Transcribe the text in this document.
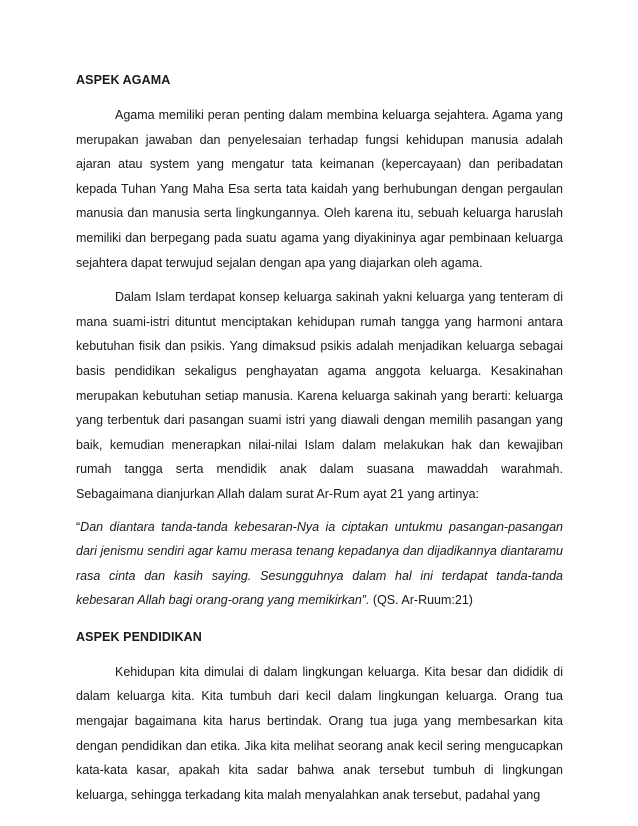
ASPEK AGAMA

Agama memiliki peran penting dalam membina keluarga sejahtera. Agama yang merupakan jawaban dan penyelesaian terhadap fungsi kehidupan manusia adalah ajaran atau system yang mengatur tata keimanan (kepercayaan) dan peribadatan kepada Tuhan Yang Maha Esa serta tata kaidah yang berhubungan dengan pergaulan manusia dan manusia serta lingkungannya. Oleh karena itu, sebuah keluarga haruslah memiliki dan berpegang pada suatu agama yang diyakininya agar pembinaan keluarga sejahtera dapat terwujud sejalan dengan apa yang diajarkan oleh agama.

Dalam Islam terdapat konsep keluarga sakinah yakni keluarga yang tenteram di mana suami-istri dituntut menciptakan kehidupan rumah tangga yang harmoni antara kebutuhan fisik dan psikis. Yang dimaksud psikis adalah menjadikan keluarga sebagai basis pendidikan sekaligus penghayatan agama anggota keluarga. Kesakinahan merupakan kebutuhan setiap manusia. Karena keluarga sakinah yang berarti: keluarga yang terbentuk dari pasangan suami istri yang diawali dengan memilih pasangan yang baik, kemudian menerapkan nilai-nilai Islam dalam melakukan hak dan kewajiban rumah tangga serta mendidik anak dalam suasana mawaddah warahmah. Sebagaimana dianjurkan Allah dalam surat Ar-Rum ayat 21 yang artinya:

“Dan diantara tanda-tanda kebesaran-Nya ia ciptakan untukmu pasangan-pasangan dari jenismu sendiri agar kamu merasa tenang kepadanya dan dijadikannya diantaramu rasa cinta dan kasih saying. Sesungguhnya dalam hal ini terdapat tanda-tanda kebesaran Allah bagi orang-orang yang memikirkan”. (QS. Ar-Ruum:21)

ASPEK PENDIDIKAN

Kehidupan kita dimulai di dalam lingkungan keluarga. Kita besar dan dididik di dalam keluarga kita. Kita tumbuh dari kecil dalam lingkungan keluarga. Orang tua mengajar bagaimana kita harus bertindak. Orang tua juga yang membesarkan kita dengan pendidikan dan etika. Jika kita melihat seorang anak kecil sering mengucapkan kata-kata kasar, apakah kita sadar bahwa anak tersebut tumbuh di lingkungan keluarga, sehingga terkadang kita malah menyalahkan anak tersebut, padahal yang
